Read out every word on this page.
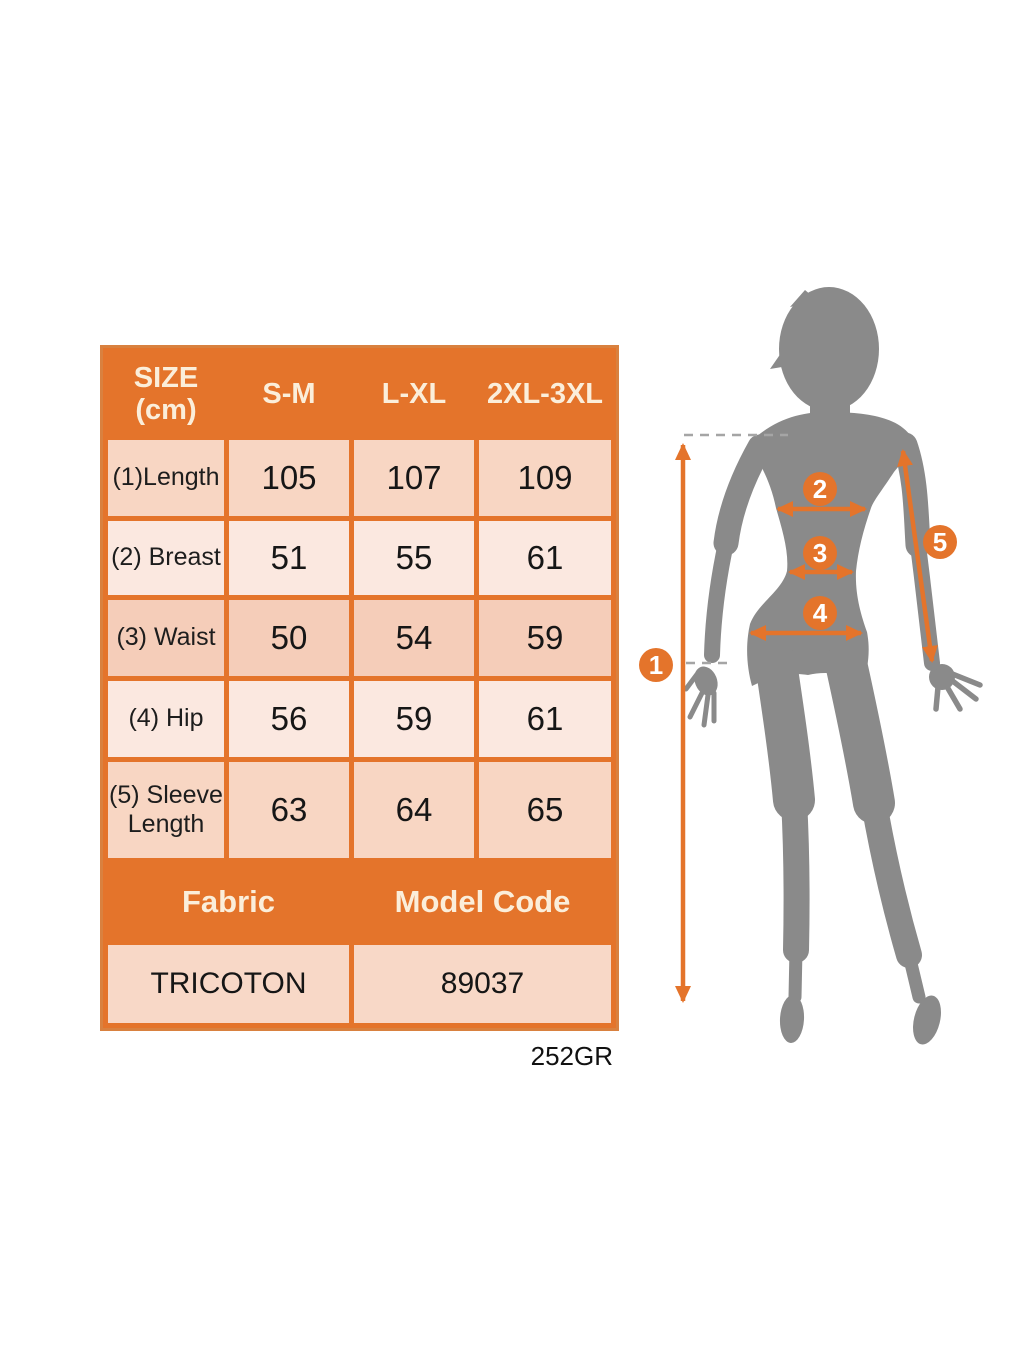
SIZE (cm)	S-M	L-XL	2XL-3XL
(1)Length	105	107	109
(2) Breast	51	55	61
(3) Waist	50	54	59
(4) Hip	56	59	61
(5) Sleeve Length	63	64	65
Fabric		Model Code	
TRICOTON		89037	
252GR
1
2
3
4
5
